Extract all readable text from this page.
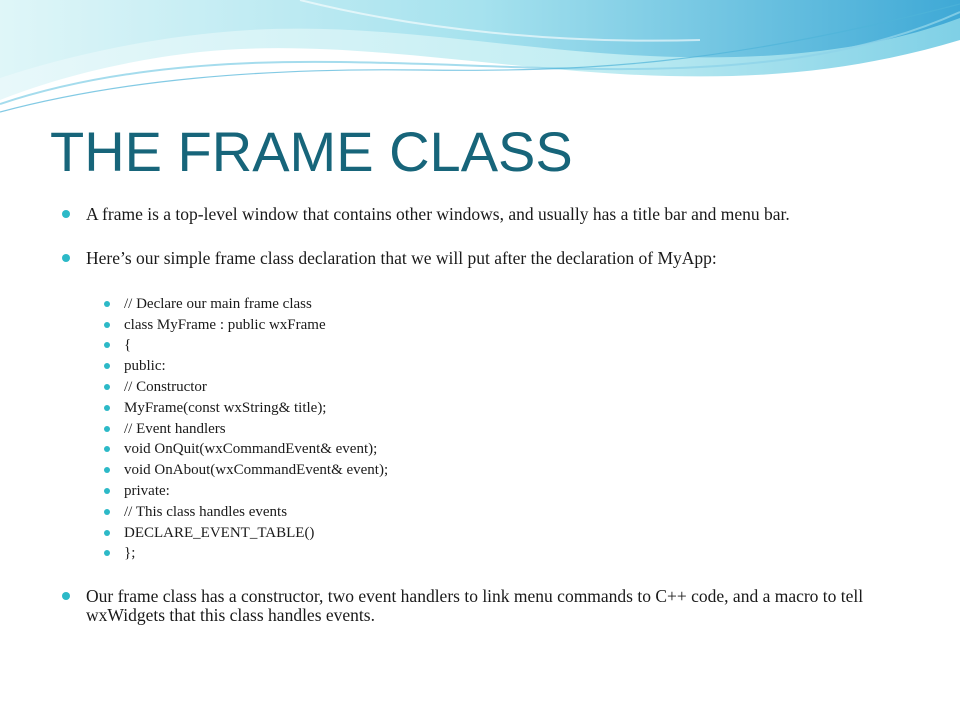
THE FRAME CLASS
A frame is a top-level window that contains other windows, and usually has a title bar and menu bar.
Here’s our simple frame class declaration that we will put after the declaration of MyApp:
// Declare our main frame class
class MyFrame : public wxFrame
{
public:
// Constructor
MyFrame(const wxString& title);
// Event handlers
void OnQuit(wxCommandEvent& event);
void OnAbout(wxCommandEvent& event);
private:
// This class handles events
DECLARE_EVENT_TABLE()
};
Our frame class has a constructor, two event handlers to link menu commands to C++ code, and a macro to tell wxWidgets that this class handles events.
